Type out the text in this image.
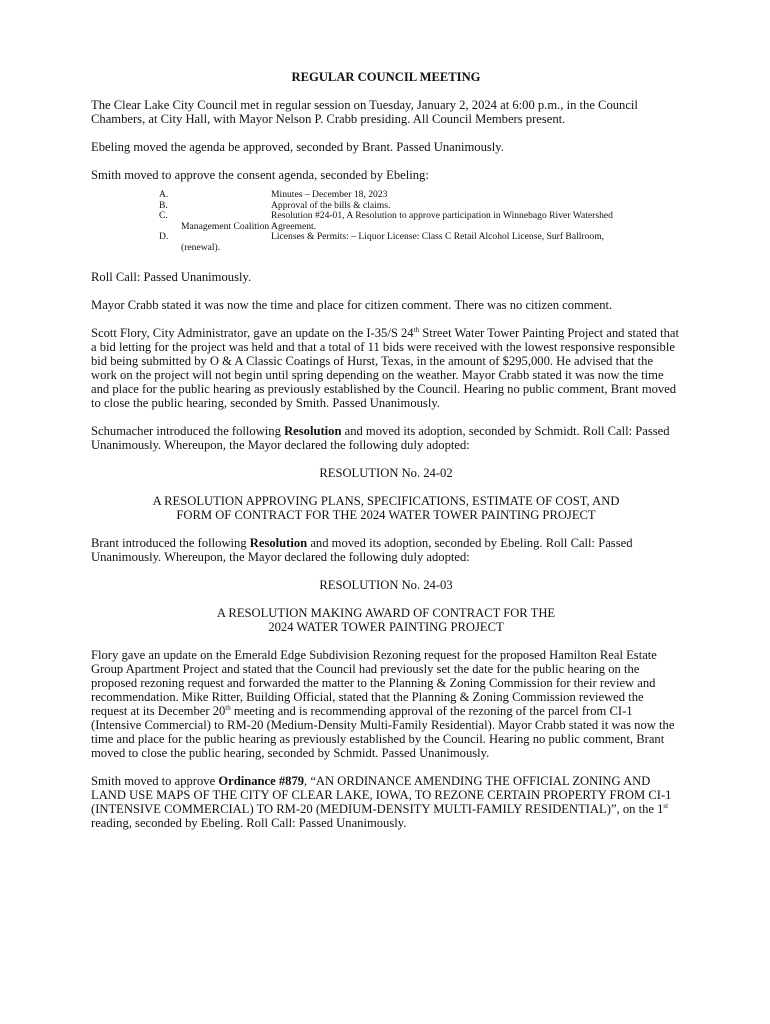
REGULAR COUNCIL MEETING

The Clear Lake City Council met in regular session on Tuesday, January 2, 2024 at 6:00 p.m., in the Council Chambers, at City Hall, with Mayor Nelson P. Crabb presiding. All Council Members present.

Ebeling moved the agenda be approved, seconded by Brant. Passed Unanimously.

Smith moved to approve the consent agenda, seconded by Ebeling:

A.	Minutes – December 18, 2023
B.	Approval of the bills & claims.
C.	Resolution #24-01, A Resolution to approve participation in Winnebago River Watershed
Management Coalition Agreement.
D.	Licenses & Permits: – Liquor License: Class C Retail Alcohol License, Surf Ballroom,
(renewal).

Roll Call: Passed Unanimously.

Mayor Crabb stated it was now the time and place for citizen comment. There was no citizen comment.

Scott Flory, City Administrator, gave an update on the I-35/S 24th Street Water Tower Painting Project and stated that a bid letting for the project was held and that a total of 11 bids were received with the lowest responsive responsible bid being submitted by O & A Classic Coatings of Hurst, Texas, in the amount of $295,000. He advised that the work on the project will not begin until spring depending on the weather. Mayor Crabb stated it was now the time and place for the public hearing as previously established by the Council. Hearing no public comment, Brant moved to close the public hearing, seconded by Smith. Passed Unanimously.

Schumacher introduced the following Resolution and moved its adoption, seconded by Schmidt. Roll Call: Passed Unanimously. Whereupon, the Mayor declared the following duly adopted:

RESOLUTION No. 24-02

A RESOLUTION APPROVING PLANS, SPECIFICATIONS, ESTIMATE OF COST, AND
FORM OF CONTRACT FOR THE 2024 WATER TOWER PAINTING PROJECT

Brant introduced the following Resolution and moved its adoption, seconded by Ebeling. Roll Call: Passed Unanimously. Whereupon, the Mayor declared the following duly adopted:

RESOLUTION No. 24-03

A RESOLUTION MAKING AWARD OF CONTRACT FOR THE
2024 WATER TOWER PAINTING PROJECT

Flory gave an update on the Emerald Edge Subdivision Rezoning request for the proposed Hamilton Real Estate Group Apartment Project and stated that the Council had previously set the date for the public hearing on the proposed rezoning request and forwarded the matter to the Planning & Zoning Commission for their review and recommendation. Mike Ritter, Building Official, stated that the Planning & Zoning Commission reviewed the request at its December 20th meeting and is recommending approval of the rezoning of the parcel from CI-1 (Intensive Commercial) to RM-20 (Medium-Density Multi-Family Residential). Mayor Crabb stated it was now the time and place for the public hearing as previously established by the Council. Hearing no public comment, Brant moved to close the public hearing, seconded by Schmidt. Passed Unanimously.

Smith moved to approve Ordinance #879, “AN ORDINANCE AMENDING THE OFFICIAL ZONING AND LAND USE MAPS OF THE CITY OF CLEAR LAKE, IOWA, TO REZONE CERTAIN PROPERTY FROM CI-1 (INTENSIVE COMMERCIAL) TO RM-20 (MEDIUM-DENSITY MULTI-FAMILY RESIDENTIAL)”, on the 1st reading, seconded by Ebeling. Roll Call: Passed Unanimously.
